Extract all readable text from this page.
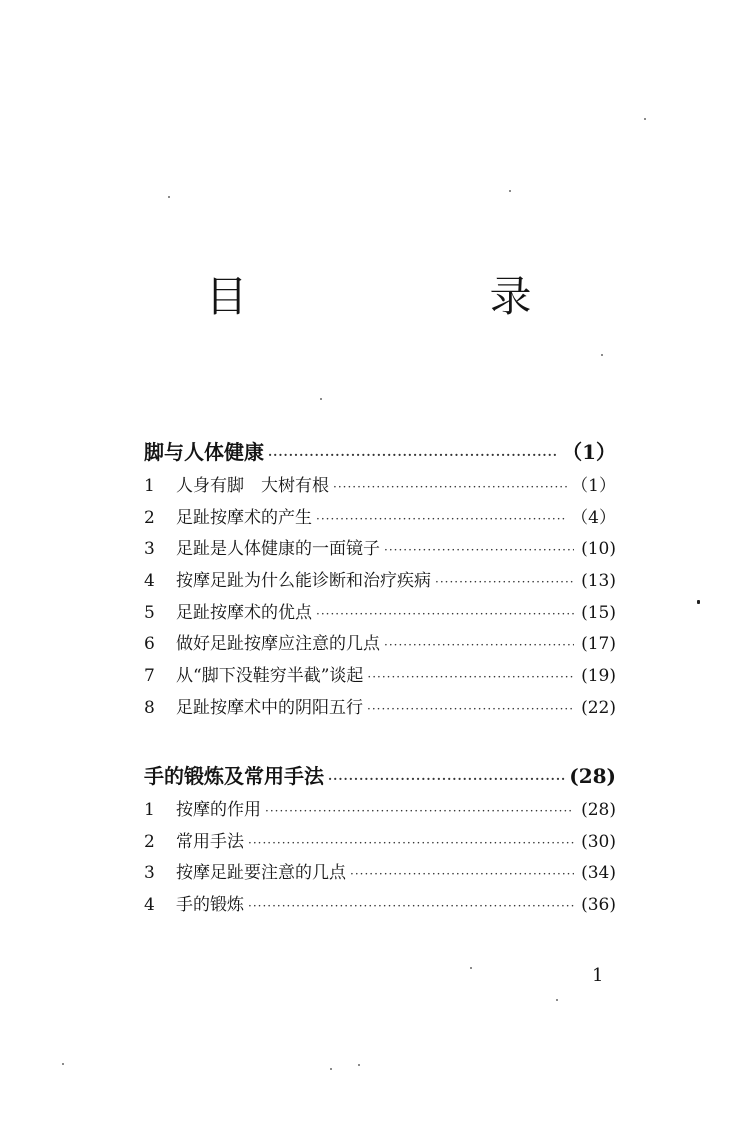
目　录
脚与人体健康 ·····	（1）
1	人身有脚　大树有根 ·····	（1）
2	足趾按摩术的产生 ·····	（4）
3	足趾是人体健康的一面镜子 ·····	(10)
4	按摩足趾为什么能诊断和治疗疾病 ·····	(13)
5	足趾按摩术的优点 ·····	(15)
6	做好足趾按摩应注意的几点 ·····	(17)
7	从“脚下没鞋穷半截”谈起 ·····	(19)
8	足趾按摩术中的阴阳五行 ·····	(22)
手的锻炼及常用手法 ·····	(28)
1	按摩的作用 ·····	(28)
2	常用手法 ·····	(30)
3	按摩足趾要注意的几点 ·····	(34)
4	手的锻炼 ·····	(36)
1
